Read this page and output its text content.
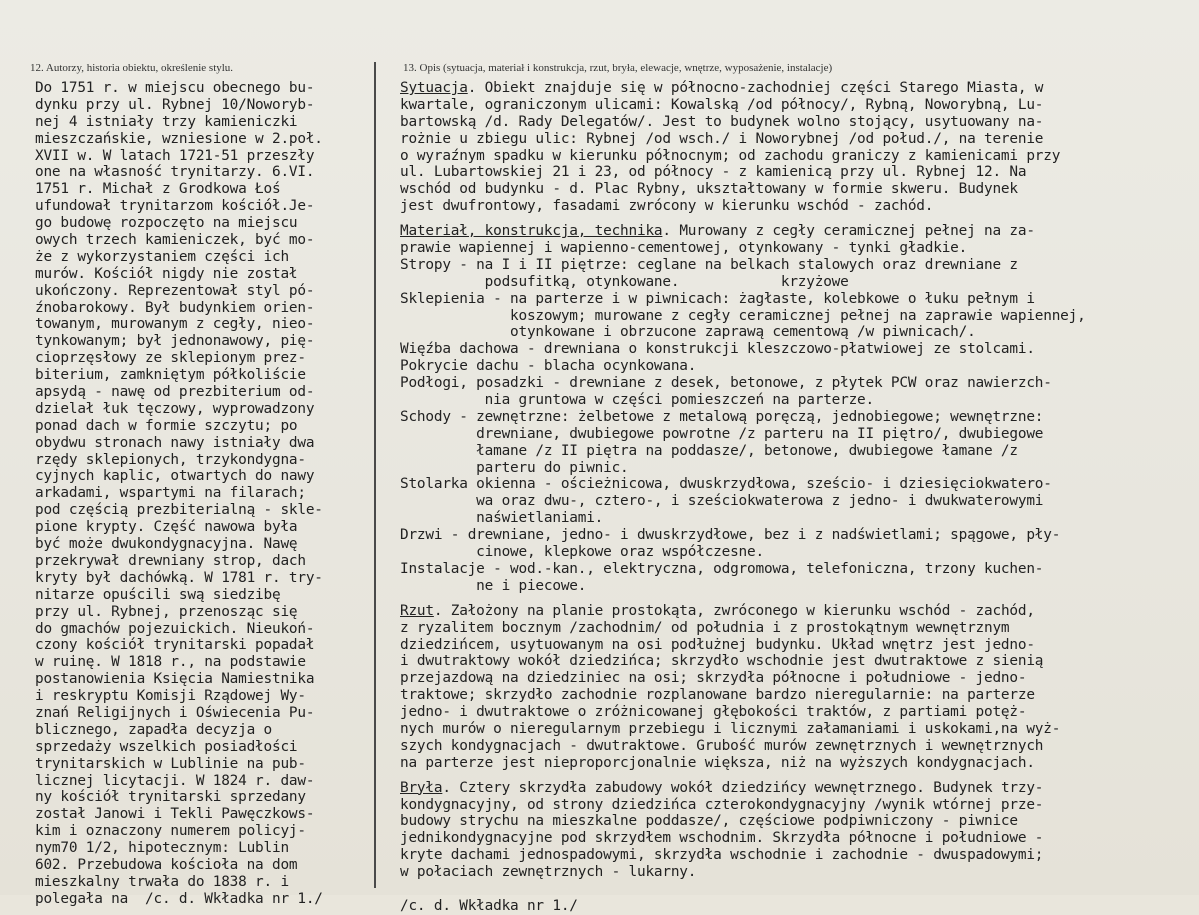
12. Autorzy, historia obiektu, określenie stylu.	13. Opis (sytuacja, materiał i konstrukcja, rzut, bryła, elewacje, wnętrze, wyposażenie, instalacje)
Do 1751 r. w miejscu obecnego bu-
dynku przy ul. Rybnej 10/Noworyb-
nej 4 istniały trzy kamieniczki
mieszczańskie, wzniesione w 2.poł.
XVII w. W latach 1721-51 przeszły
one na własność trynitarzy. 6.VI.
1751 r. Michał z Grodkowa Łoś
ufundował trynitarzom kościół.Je-
go budowę rozpoczęto na miejscu
owych trzech kamieniczek, być mo-
że z wykorzystaniem części ich
murów. Kościół nigdy nie został
ukończony. Reprezentował styl pó-
źnobarokowy. Był budynkiem orien-
towanym, murowanym z cegły, nieo-
tynkowanym; był jednonawowy, pię-
cioprzęsłowy ze sklepionym prez-
biterium, zamkniętym półkoliście
apsydą - nawę od prezbiterium od-
dzielał łuk tęczowy, wyprowadzony
ponad dach w formie szczytu; po
obydwu stronach nawy istniały dwa
rzędy sklepionych, trzykondygna-
cyjnych kaplic, otwartych do nawy
arkadami, wspartymi na filarach;
pod częścią prezbiterialną - skle-
pione krypty. Część nawowa była
być może dwukondygnacyjna. Nawę
przekrywał drewniany strop, dach
kryty był dachówką. W 1781 r. try-
nitarze opuścili swą siedzibę
przy ul. Rybnej, przenosząc się
do gmachów pojezuickich. Nieukoń-
czony kościół trynitarski popadał
w ruinę. W 1818 r., na podstawie
postanowienia Księcia Namiestnika
i reskryptu Komisji Rządowej Wy-
znań Religijnych i Oświecenia Pu-
blicznego, zapadła decyzja o
sprzedaży wszelkich posiadłości
trynitarskich w Lublinie na pub-
licznej licytacji. W 1824 r. daw-
ny kościół trynitarski sprzedany
został Janowi i Tekli Pawęczkows-
kim i oznaczony numerem policyj-
nym70 1/2, hipotecznym: Lublin
602. Przebudowa kościoła na dom
mieszkalny trwała do 1838 r. i
polegała na  /c. d. Wkładka nr 1./
Sytuacja. Obiekt znajduje się w północno-zachodniej części Starego Miasta, w
kwartale, ograniczonym ulicami: Kowalską /od północy/, Rybną, Noworybną, Lu-
bartowską /d. Rady Delegatów/. Jest to budynek wolno stojący, usytuowany na-
rożnie u zbiegu ulic: Rybnej /od wsch./ i Noworybnej /od połud./, na terenie
o wyraźnym spadku w kierunku północnym; od zachodu graniczy z kamienicami przy
ul. Lubartowskiej 21 i 23, od północy - z kamienicą przy ul. Rybnej 12. Na
wschód od budynku - d. Plac Rybny, ukształtowany w formie skweru. Budynek
jest dwufrontowy, fasadami zwrócony w kierunku wschód - zachód.
Materiał, konstrukcja, technika. Murowany z cegły ceramicznej pełnej na za-
prawie wapiennej i wapienno-cementowej, otynkowany - tynki gładkie.
Stropy - na I i II piętrze: ceglane na belkach stalowych oraz drewniane z
podsufitką, otynkowane.            krzyżowe
Sklepienia - na parterze i w piwnicach: żagłaste, kolebkowe o łuku pełnym i
koszowym; murowane z cegły ceramicznej pełnej na zaprawie wapiennej,
otynkowane i obrzucone zaprawą cementową /w piwnicach/.
Więźba dachowa - drewniana o konstrukcji kleszczowo-płatwiowej ze stolcami.
Pokrycie dachu - blacha ocynkowana.
Podłogi, posadzki - drewniane z desek, betonowe, z płytek PCW oraz nawierzch-
nia gruntowa w części pomieszczeń na parterze.
Schody - zewnętrzne: żelbetowe z metalową poręczą, jednobiegowe; wewnętrzne:
drewniane, dwubiegowe powrotne /z parteru na II piętro/, dwubiegowe
łamane /z II piętra na poddasze/, betonowe, dwubiegowe łamane /z
parteru do piwnic.
Stolarka okienna - ościeżnicowa, dwuskrzydłowa, sześcio- i dziesięciokwatero-
wa oraz dwu-, cztero-, i sześciokwaterowa z jedno- i dwukwaterowymi
naświetlaniami.
Drzwi - drewniane, jedno- i dwuskrzydłowe, bez i z nadświetlami; spągowe, pły-
cinowe, klepkowe oraz współczesne.
Instalacje - wod.-kan., elektryczna, odgromowa, telefoniczna, trzony kuchen-
ne i piecowe.
Rzut. Założony na planie prostokąta, zwróconego w kierunku wschód - zachód,
z ryzalitem bocznym /zachodnim/ od południa i z prostokątnym wewnętrznym
dziedzińcem, usytuowanym na osi podłużnej budynku. Układ wnętrz jest jedno-
i dwutraktowy wokół dziedzińca; skrzydło wschodnie jest dwutraktowe z sienią
przejazdową na dziedziniec na osi; skrzydła północne i południowe - jedno-
traktowe; skrzydło zachodnie rozplanowane bardzo nieregularnie: na parterze
jedno- i dwutraktowe o zróżnicowanej głębokości traktów, z partiami potęż-
nych murów o nieregularnym przebiegu i licznymi załamaniami i uskokami,na wyż-
szych kondygnacjach - dwutraktowe. Grubość murów zewnętrznych i wewnętrznych
na parterze jest nieproporcjonalnie większa, niż na wyższych kondygnacjach.
Bryła. Cztery skrzydła zabudowy wokół dziedzińcy wewnętrznego. Budynek trzy-
kondygnacyjny, od strony dziedzińca czterokondygnacyjny /wynik wtórnej prze-
budowy strychu na mieszkalne poddasze/, częściowe podpiwniczony - piwnice
jednikondygnacyjne pod skrzydłem wschodnim. Skrzydła północne i południowe -
kryte dachami jednospadowymi, skrzydła wschodnie i zachodnie - dwuspadowymi;
w połaciach zewnętrznych - lukarny.
/c. d. Wkładka nr 1./
